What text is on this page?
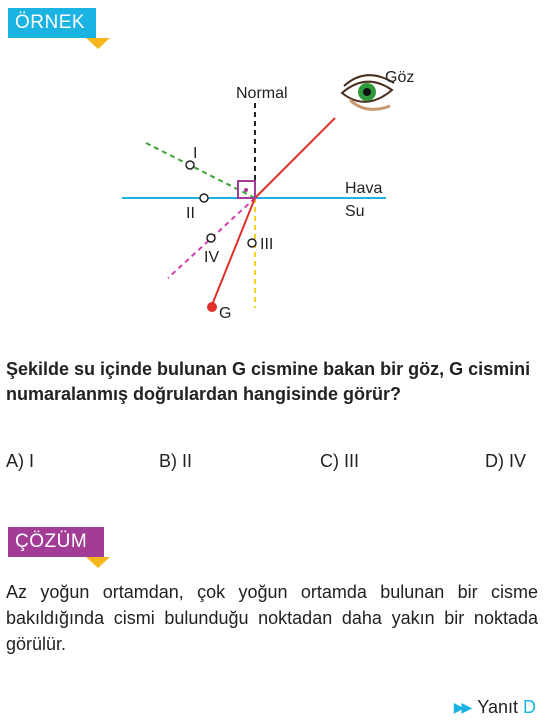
ÖRNEK
Normal
Göz
Hava
Su
I
II
III
IV
G
Şekilde su içinde bulunan G cismine bakan bir göz, G cismini numaralanmış doğrulardan hangisinde görür?
A) I	B) II	C) III	D) IV
ÇÖZÜM
Az yoğun ortamdan, çok yoğun ortamda bulunan bir cisme bakıldığında cismi bulunduğu noktadan daha yakın bir noktada görülür.
▶▶ Yanıt D
